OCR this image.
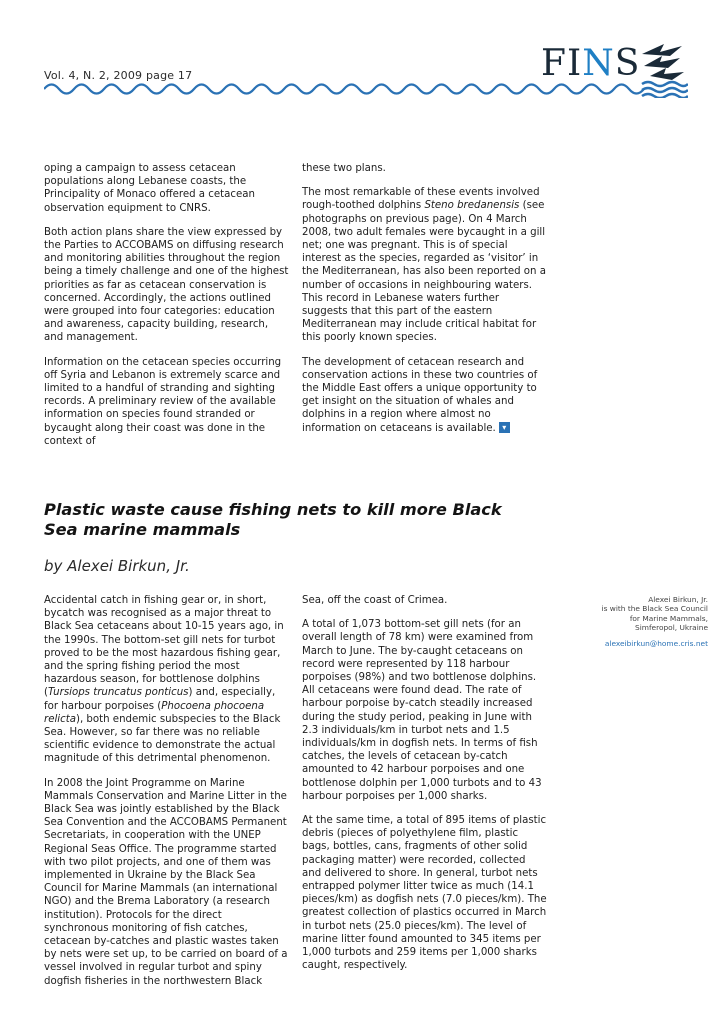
Vol. 4, N. 2, 2009 page 17	FINS

oping a campaign to assess cetacean populations along Lebanese coasts, the Principality of Monaco offered a cetacean observation equipment to CNRS.

Both action plans share the view expressed by the Parties to ACCOBAMS on diffusing research and monitoring abilities throughout the region being a timely challenge and one of the highest priorities as far as cetacean conservation is concerned. Accordingly, the actions outlined were grouped into four categories: education and awareness, capacity building, research, and management.

Information on the cetacean species occurring off Syria and Lebanon is extremely scarce and limited to a handful of stranding and sighting records. A preliminary review of the available information on species found stranded or bycaught along their coast was done in the context of

these two plans.

The most remarkable of these events involved rough-toothed dolphins Steno bredanensis (see photographs on previous page). On 4 March 2008, two adult females were bycaught in a gill net; one was pregnant. This is of special interest as the species, regarded as ‘visitor’ in the Mediterranean, has also been reported on a number of occasions in neighbouring waters. This record in Lebanese waters further suggests that this part of the eastern Mediterranean may include critical habitat for this poorly known species.

The development of cetacean research and conservation actions in these two countries of the Middle East offers a unique opportunity to get insight on the situation of whales and dolphins in a region where almost no information on cetaceans is available. ▾

Plastic waste cause fishing nets to kill more Black Sea marine mammals
by Alexei Birkun, Jr.

Accidental catch in fishing gear or, in short, bycatch was recognised as a major threat to Black Sea cetaceans about 10-15 years ago, in the 1990s. The bottom-set gill nets for turbot proved to be the most hazardous fishing gear, and the spring fishing period the most hazardous season, for bottlenose dolphins (Tursiops truncatus ponticus) and, especially, for harbour porpoises (Phocoena phocoena relicta), both endemic subspecies to the Black Sea. However, so far there was no reliable scientific evidence to demonstrate the actual magnitude of this detrimental phenomenon.

In 2008 the Joint Programme on Marine Mammals Conservation and Marine Litter in the Black Sea was jointly established by the Black Sea Convention and the ACCOBAMS Permanent Secretariats, in cooperation with the UNEP Regional Seas Office. The programme started with two pilot projects, and one of them was implemented in Ukraine by the Black Sea Council for Marine Mammals (an international NGO) and the Brema Laboratory (a research institution). Protocols for the direct synchronous monitoring of fish catches, cetacean by-catches and plastic wastes taken by nets were set up, to be carried on board of a vessel involved in regular turbot and spiny dogfish fisheries in the northwestern Black

Sea, off the coast of Crimea.

A total of 1,073 bottom-set gill nets (for an overall length of 78 km) were examined from March to June. The by-caught cetaceans on record were represented by 118 harbour porpoises (98%) and two bottlenose dolphins. All cetaceans were found dead. The rate of harbour porpoise by-catch steadily increased during the study period, peaking in June with 2.3 individuals/km in turbot nets and 1.5 individuals/km in dogfish nets. In terms of fish catches, the levels of cetacean by-catch amounted to 42 harbour porpoises and one bottlenose dolphin per 1,000 turbots and to 43 harbour porpoises per 1,000 sharks.

At the same time, a total of 895 items of plastic debris (pieces of polyethylene film, plastic bags, bottles, cans, fragments of other solid packaging matter) were recorded, collected and delivered to shore. In general, turbot nets entrapped polymer litter twice as much (14.1 pieces/km) as dogfish nets (7.0 pieces/km). The greatest collection of plastics occurred in March in turbot nets (25.0 pieces/km). The level of marine litter found amounted to 345 items per 1,000 turbots and 259 items per 1,000 sharks caught, respectively.

Alexei Birkun, Jr.
is with the Black Sea Council
for Marine Mammals,
Simferopol, Ukraine
alexeibirkun@home.cris.net
